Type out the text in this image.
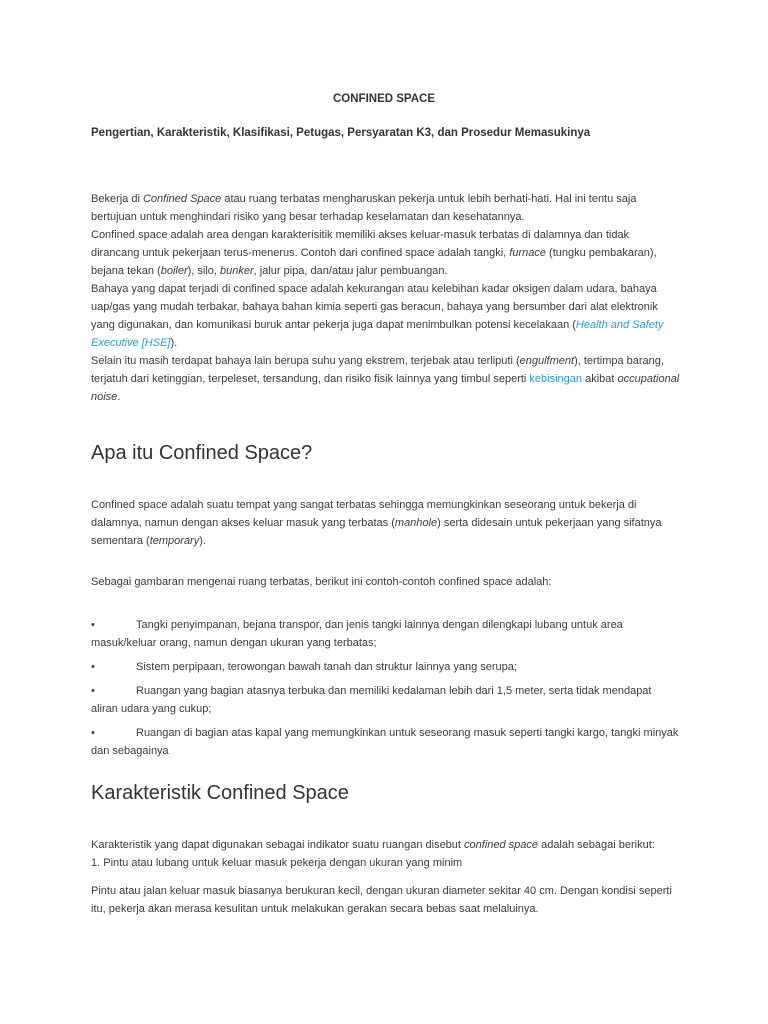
CONFINED SPACE
Pengertian, Karakteristik, Klasifikasi, Petugas, Persyaratan K3, dan Prosedur Memasukinya

Bekerja di Confined Space atau ruang terbatas mengharuskan pekerja untuk lebih berhati-hati. Hal ini tentu saja bertujuan untuk menghindari risiko yang besar terhadap keselamatan dan kesehatannya.

Confined space adalah area dengan karakterisitik memiliki akses keluar-masuk terbatas di dalamnya dan tidak dirancang untuk pekerjaan terus-menerus. Contoh dari confined space adalah tangki, furnace (tungku pembakaran), bejana tekan (boiler), silo, bunker, jalur pipa, dan/atau jalur pembuangan.

Bahaya yang dapat terjadi di confined space adalah kekurangan atau kelebihan kadar oksigen dalam udara, bahaya uap/gas yang mudah terbakar, bahaya bahan kimia seperti gas beracun, bahaya yang bersumber dari alat elektronik yang digunakan, dan komunikasi buruk antar pekerja juga dapat menimbulkan potensi kecelakaan (Health and Safety Executive [HSE]).

Selain itu masih terdapat bahaya lain berupa suhu yang ekstrem, terjebak atau terliputi (engulfment), tertimpa barang, terjatuh dari ketinggian, terpeleset, tersandung, dan risiko fisik lainnya yang timbul seperti kebisingan akibat occupational noise.

Apa itu Confined Space?

Confined space adalah suatu tempat yang sangat terbatas sehingga memungkinkan seseorang untuk bekerja di dalamnya, namun dengan akses keluar masuk yang terbatas (manhole) serta didesain untuk pekerjaan yang sifatnya sementara (temporary).

Sebagai gambaran mengenai ruang terbatas, berikut ini contoh-contoh confined space adalah:
•	Tangki penyimpanan, bejana transpor, dan jenis tangki lainnya dengan dilengkapi lubang untuk area masuk/keluar orang, namun dengan ukuran yang terbatas;
•	Sistem perpipaan, terowongan bawah tanah dan struktur lainnya yang serupa;
•	Ruangan yang bagian atasnya terbuka dan memiliki kedalaman lebih dari 1,5 meter, serta tidak mendapat aliran udara yang cukup;
•	Ruangan di bagian atas kapal yang memungkinkan untuk seseorang masuk seperti tangki kargo, tangki minyak dan sebagainya
Karakteristik Confined Space

Karakteristik yang dapat digunakan sebagai indikator suatu ruangan disebut confined space adalah sebagai berikut:

1. Pintu atau lubang untuk keluar masuk pekerja dengan ukuran yang minim

Pintu atau jalan keluar masuk biasanya berukuran kecil, dengan ukuran diameter sekitar 40 cm. Dengan kondisi seperti itu, pekerja akan merasa kesulitan untuk melakukan gerakan secara bebas saat melaluinya.
